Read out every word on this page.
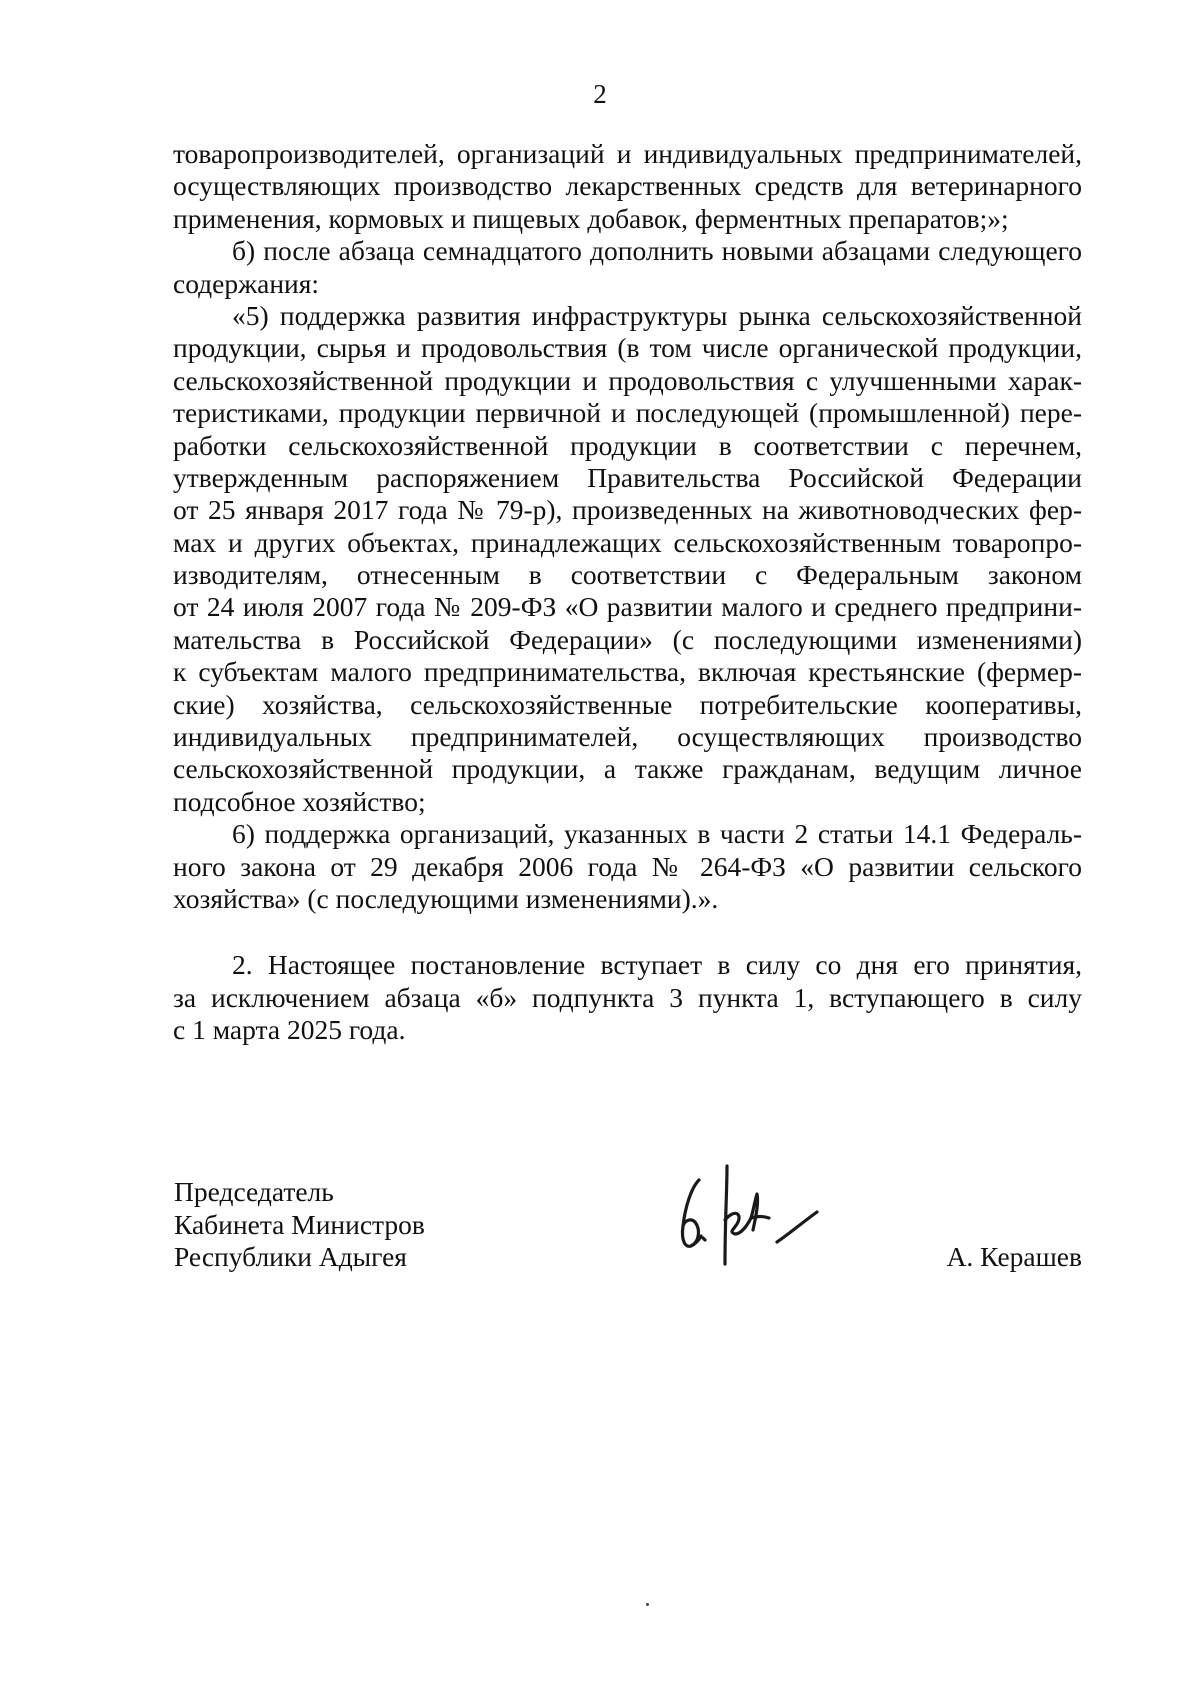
2
товаропроизводителей, организаций и индивидуальных предпринимателей,
осуществляющих производство лекарственных средств для ветеринарного
применения, кормовых и пищевых добавок, ферментных препаратов;»;
б) после абзаца семнадцатого дополнить новыми абзацами следующего
содержания:
«5) поддержка развития инфраструктуры рынка сельскохозяйственной
продукции, сырья и продовольствия (в том числе органической продукции,
сельскохозяйственной продукции и продовольствия с улучшенными харак-
теристиками, продукции первичной и последующей (промышленной) пере-
работки сельскохозяйственной продукции в соответствии с перечнем,
утвержденным распоряжением Правительства Российской Федерации
от 25 января 2017 года № 79-р), произведенных на животноводческих фер-
мах и других объектах, принадлежащих сельскохозяйственным товаропро-
изводителям, отнесенным в соответствии с Федеральным законом
от 24 июля 2007 года № 209-ФЗ «О развитии малого и среднего предприни-
мательства в Российской Федерации» (с последующими изменениями)
к субъектам малого предпринимательства, включая крестьянские (фермер-
ские) хозяйства, сельскохозяйственные потребительские кооперативы,
индивидуальных предпринимателей, осуществляющих производство
сельскохозяйственной продукции, а также гражданам, ведущим личное
подсобное хозяйство;
6) поддержка организаций, указанных в части 2 статьи 14.1 Федераль-
ного закона от 29 декабря 2006 года № 264-ФЗ «О развитии сельского
хозяйства» (с последующими изменениями).».
2. Настоящее постановление вступает в силу со дня его принятия,
за исключением абзаца «б» подпункта 3 пункта 1, вступающего в силу
с 1 марта 2025 года.
Председатель
Кабинета Министров
Республики Адыгея	А. Керашев
